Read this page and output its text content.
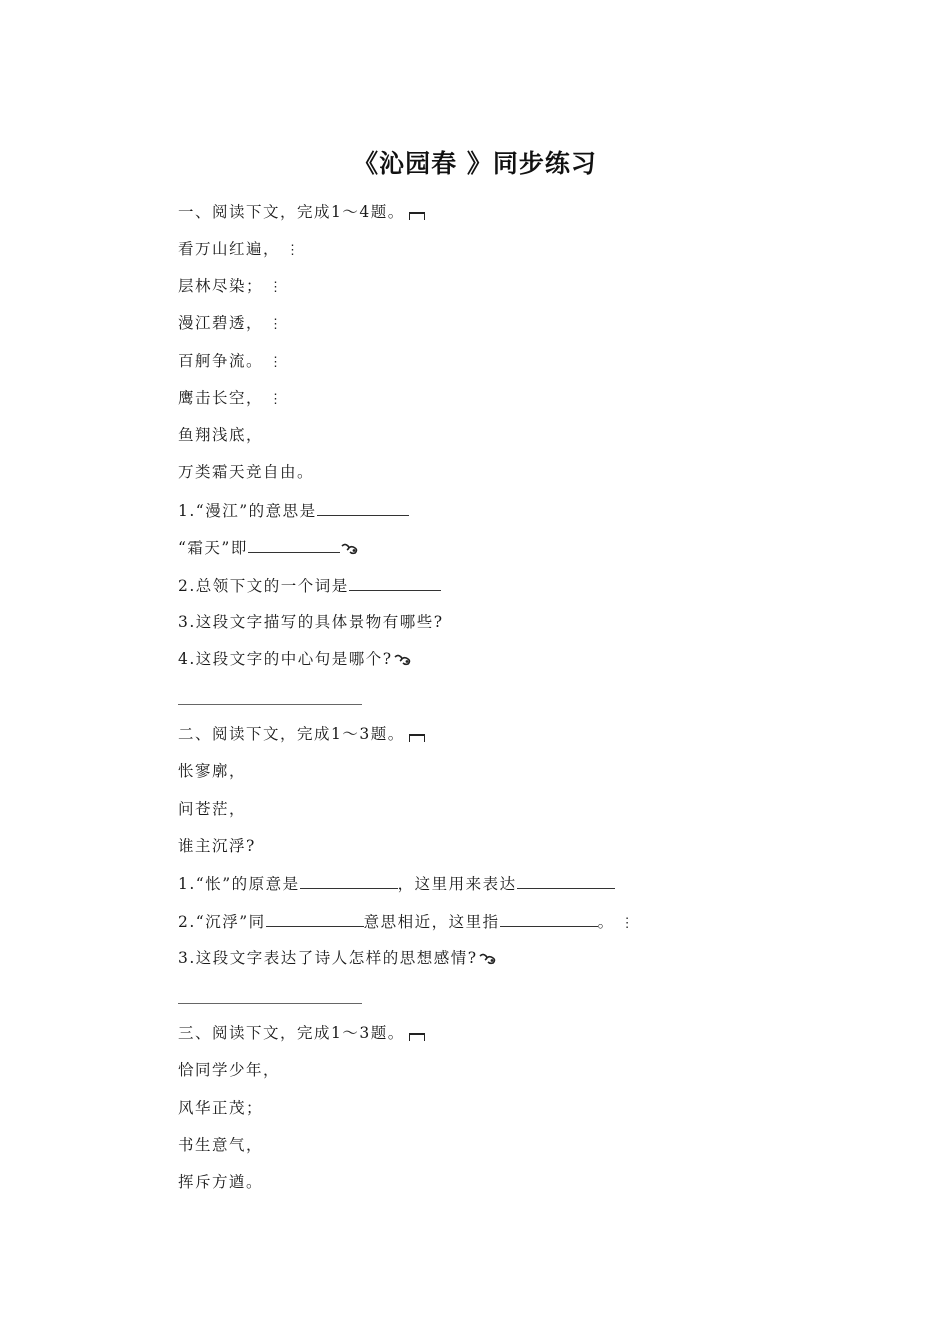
《沁园春 》同步练习
一、阅读下文，完成1～4题。
看万山红遍， ⋮
层林尽染； ⋮
漫江碧透， ⋮
百舸争流。 ⋮
鹰击长空， ⋮
鱼翔浅底，
万类霜天竞自由。
1.“漫江”的意思是
“霜天”即
2.总领下文的一个词是
3.这段文字描写的具体景物有哪些?
4.这段文字的中心句是哪个?
二、阅读下文，完成1～3题。
怅寥廓，
问苍茫，
谁主沉浮?
1.“怅”的原意是	，这里用来表达
2.“沉浮”同	意思相近，这里指	。 ⋮
3.这段文字表达了诗人怎样的思想感情?
三、阅读下文，完成1～3题。
恰同学少年，
风华正茂；
书生意气，
挥斥方遒。
